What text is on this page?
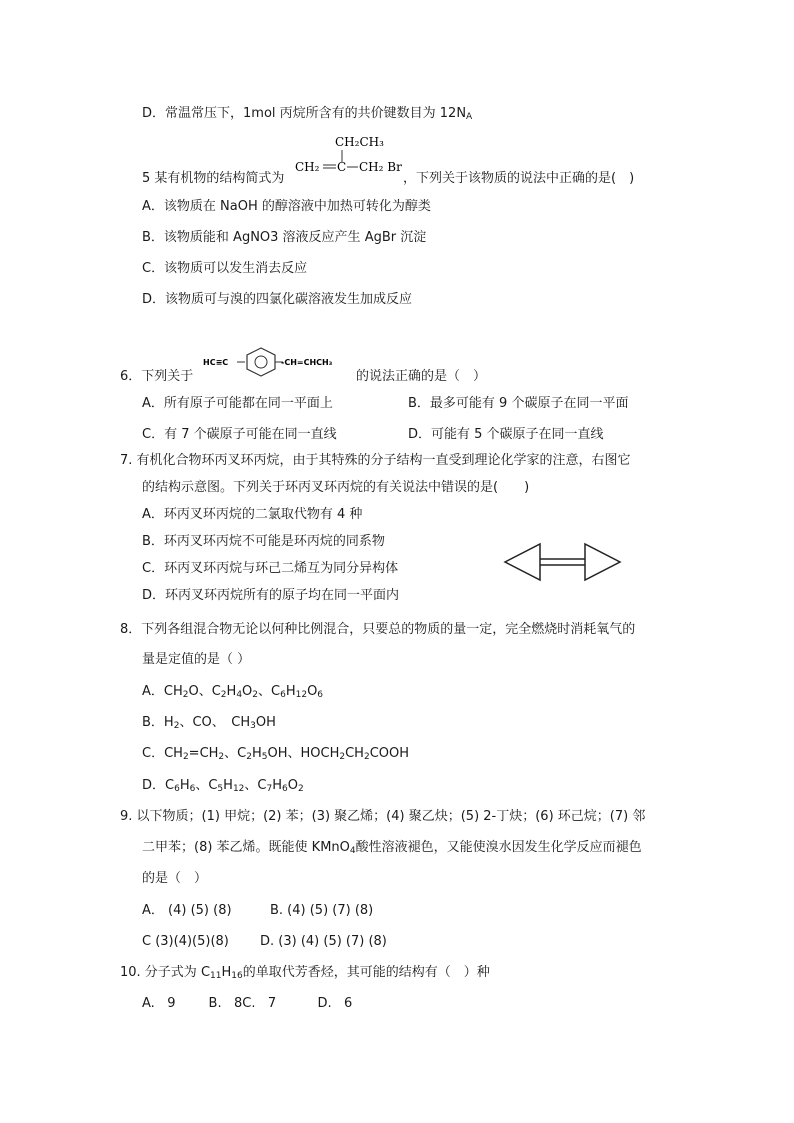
D．常温常压下，1mol 丙烷所含有的共价键数目为 $12N_A$
CH₂CH₃
CH₂ C CH₂ Br
5 某有机物的结构简式为	，下列关于该物质的说法中正确的是(　)
A．该物质在 NaOH 的醇溶液中加热可转化为醇类
B．该物质能和 AgNO3 溶液反应产生 AgBr 沉淀
C．该物质可以发生消去反应
D．该物质可与溴的四氯化碳溶液发生加成反应
HC≡C	-CH=CHCH₃
6．下列关于	的说法正确的是（　）
A．所有原子可能都在同一平面上	B．最多可能有 9 个碳原子在同一平面
C．有 7 个碳原子可能在同一直线	D．可能有 5 个碳原子在同一直线
7. 有机化合物环丙叉环丙烷，由于其特殊的分子结构一直受到理论化学家的注意，右图它
的结构示意图。下列关于环丙叉环丙烷的有关说法中错误的是(　　)
A．环丙叉环丙烷的二氯取代物有 4 种
B．环丙叉环丙烷不可能是环丙烷的同系物
C．环丙叉环丙烷与环己二烯互为同分异构体
D．环丙叉环丙烷所有的原子均在同一平面内
8．下列各组混合物无论以何种比例混合，只要总的物质的量一定，完全燃烧时消耗氧气的
量是定值的是（ ）
A．$CH_2O$、$C_2H_4O_2$、$C_6H_{12}O_6$
B．$H_2$、CO、　$CH_3OH$
C．$CH_2=CH_2$、$C_2H_5OH$、$HOCH_2CH_2COOH$
D．$C_6H_6$、$C_5H_{12}$、$C_7H_6O_2$
9. 以下物质；(1) 甲烷；(2) 苯；(3) 聚乙烯；(4) 聚乙炔；(5) 2-丁炔；(6) 环己烷；(7) 邻
二甲苯；(8) 苯乙烯。既能使 KMnO$_4$酸性溶液褪色，又能使溴水因发生化学反应而褪色
的是（　）
A． (4) (5) (8)	B. (4) (5) (7) (8)
C (3)(4)(5)(8) D. (3) (4) (5) (7) (8)
10. 分子式为 $C_{11}H_{16}$的单取代芳香烃，其可能的结构有（　）种
A.   9        B.   8C.   7          D.   6
